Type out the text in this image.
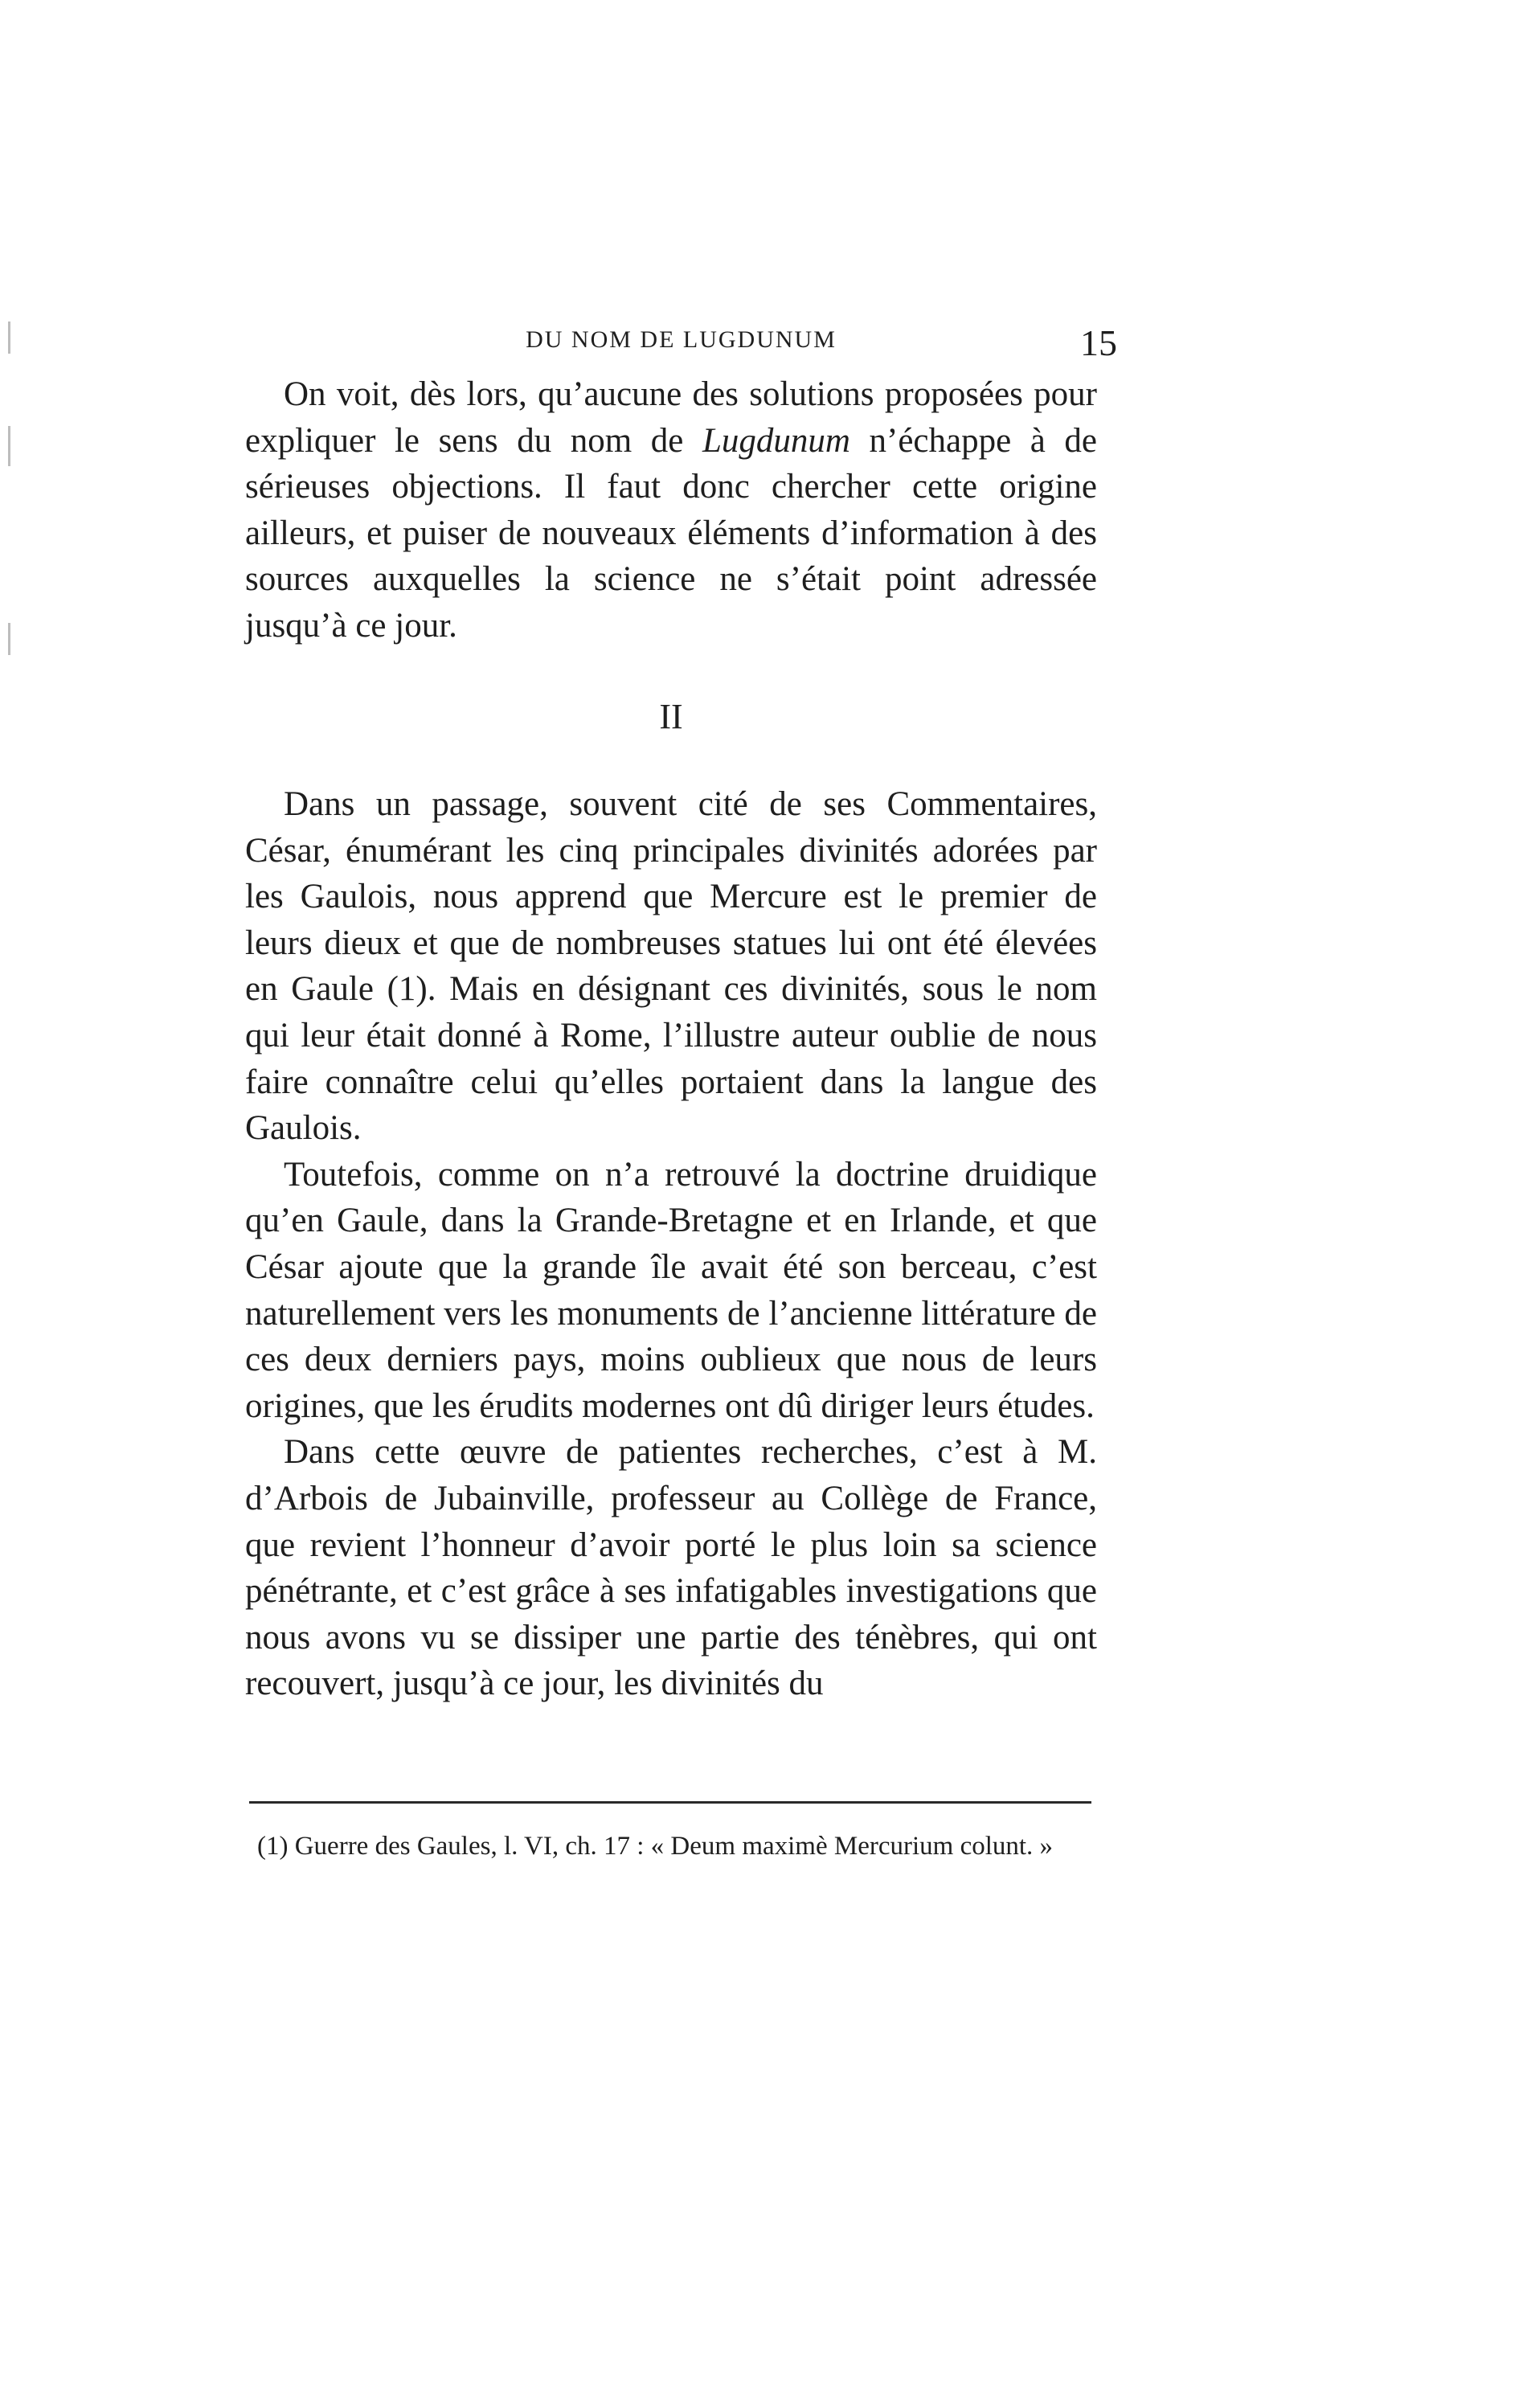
DU NOM DE LUGDUNUM	15

On voit, dès lors, qu’aucune des solutions proposées pour expliquer le sens du nom de Lugdunum n’échappe à de sérieuses objections. Il faut donc chercher cette origine ailleurs, et puiser de nouveaux éléments d’information à des sources auxquelles la science ne s’était point adressée jusqu’à ce jour.

II

Dans un passage, souvent cité de ses Commentaires, César, énumérant les cinq principales divinités adorées par les Gaulois, nous apprend que Mercure est le premier de leurs dieux et que de nombreuses statues lui ont été élevées en Gaule (1). Mais en désignant ces divinités, sous le nom qui leur était donné à Rome, l’illustre auteur oublie de nous faire connaître celui qu’elles portaient dans la langue des Gaulois.

Toutefois, comme on n’a retrouvé la doctrine druidique qu’en Gaule, dans la Grande-Bretagne et en Irlande, et que César ajoute que la grande île avait été son berceau, c’est naturellement vers les monuments de l’ancienne littérature de ces deux derniers pays, moins oublieux que nous de leurs origines, que les érudits modernes ont dû diriger leurs études.

Dans cette œuvre de patientes recherches, c’est à M. d’Arbois de Jubainville, professeur au Collège de France, que revient l’honneur d’avoir porté le plus loin sa science pénétrante, et c’est grâce à ses infatigables investigations que nous avons vu se dissiper une partie des ténèbres, qui ont recouvert, jusqu’à ce jour, les divinités du

(1) Guerre des Gaules, l. VI, ch. 17 : « Deum maximè Mercurium colunt. »
